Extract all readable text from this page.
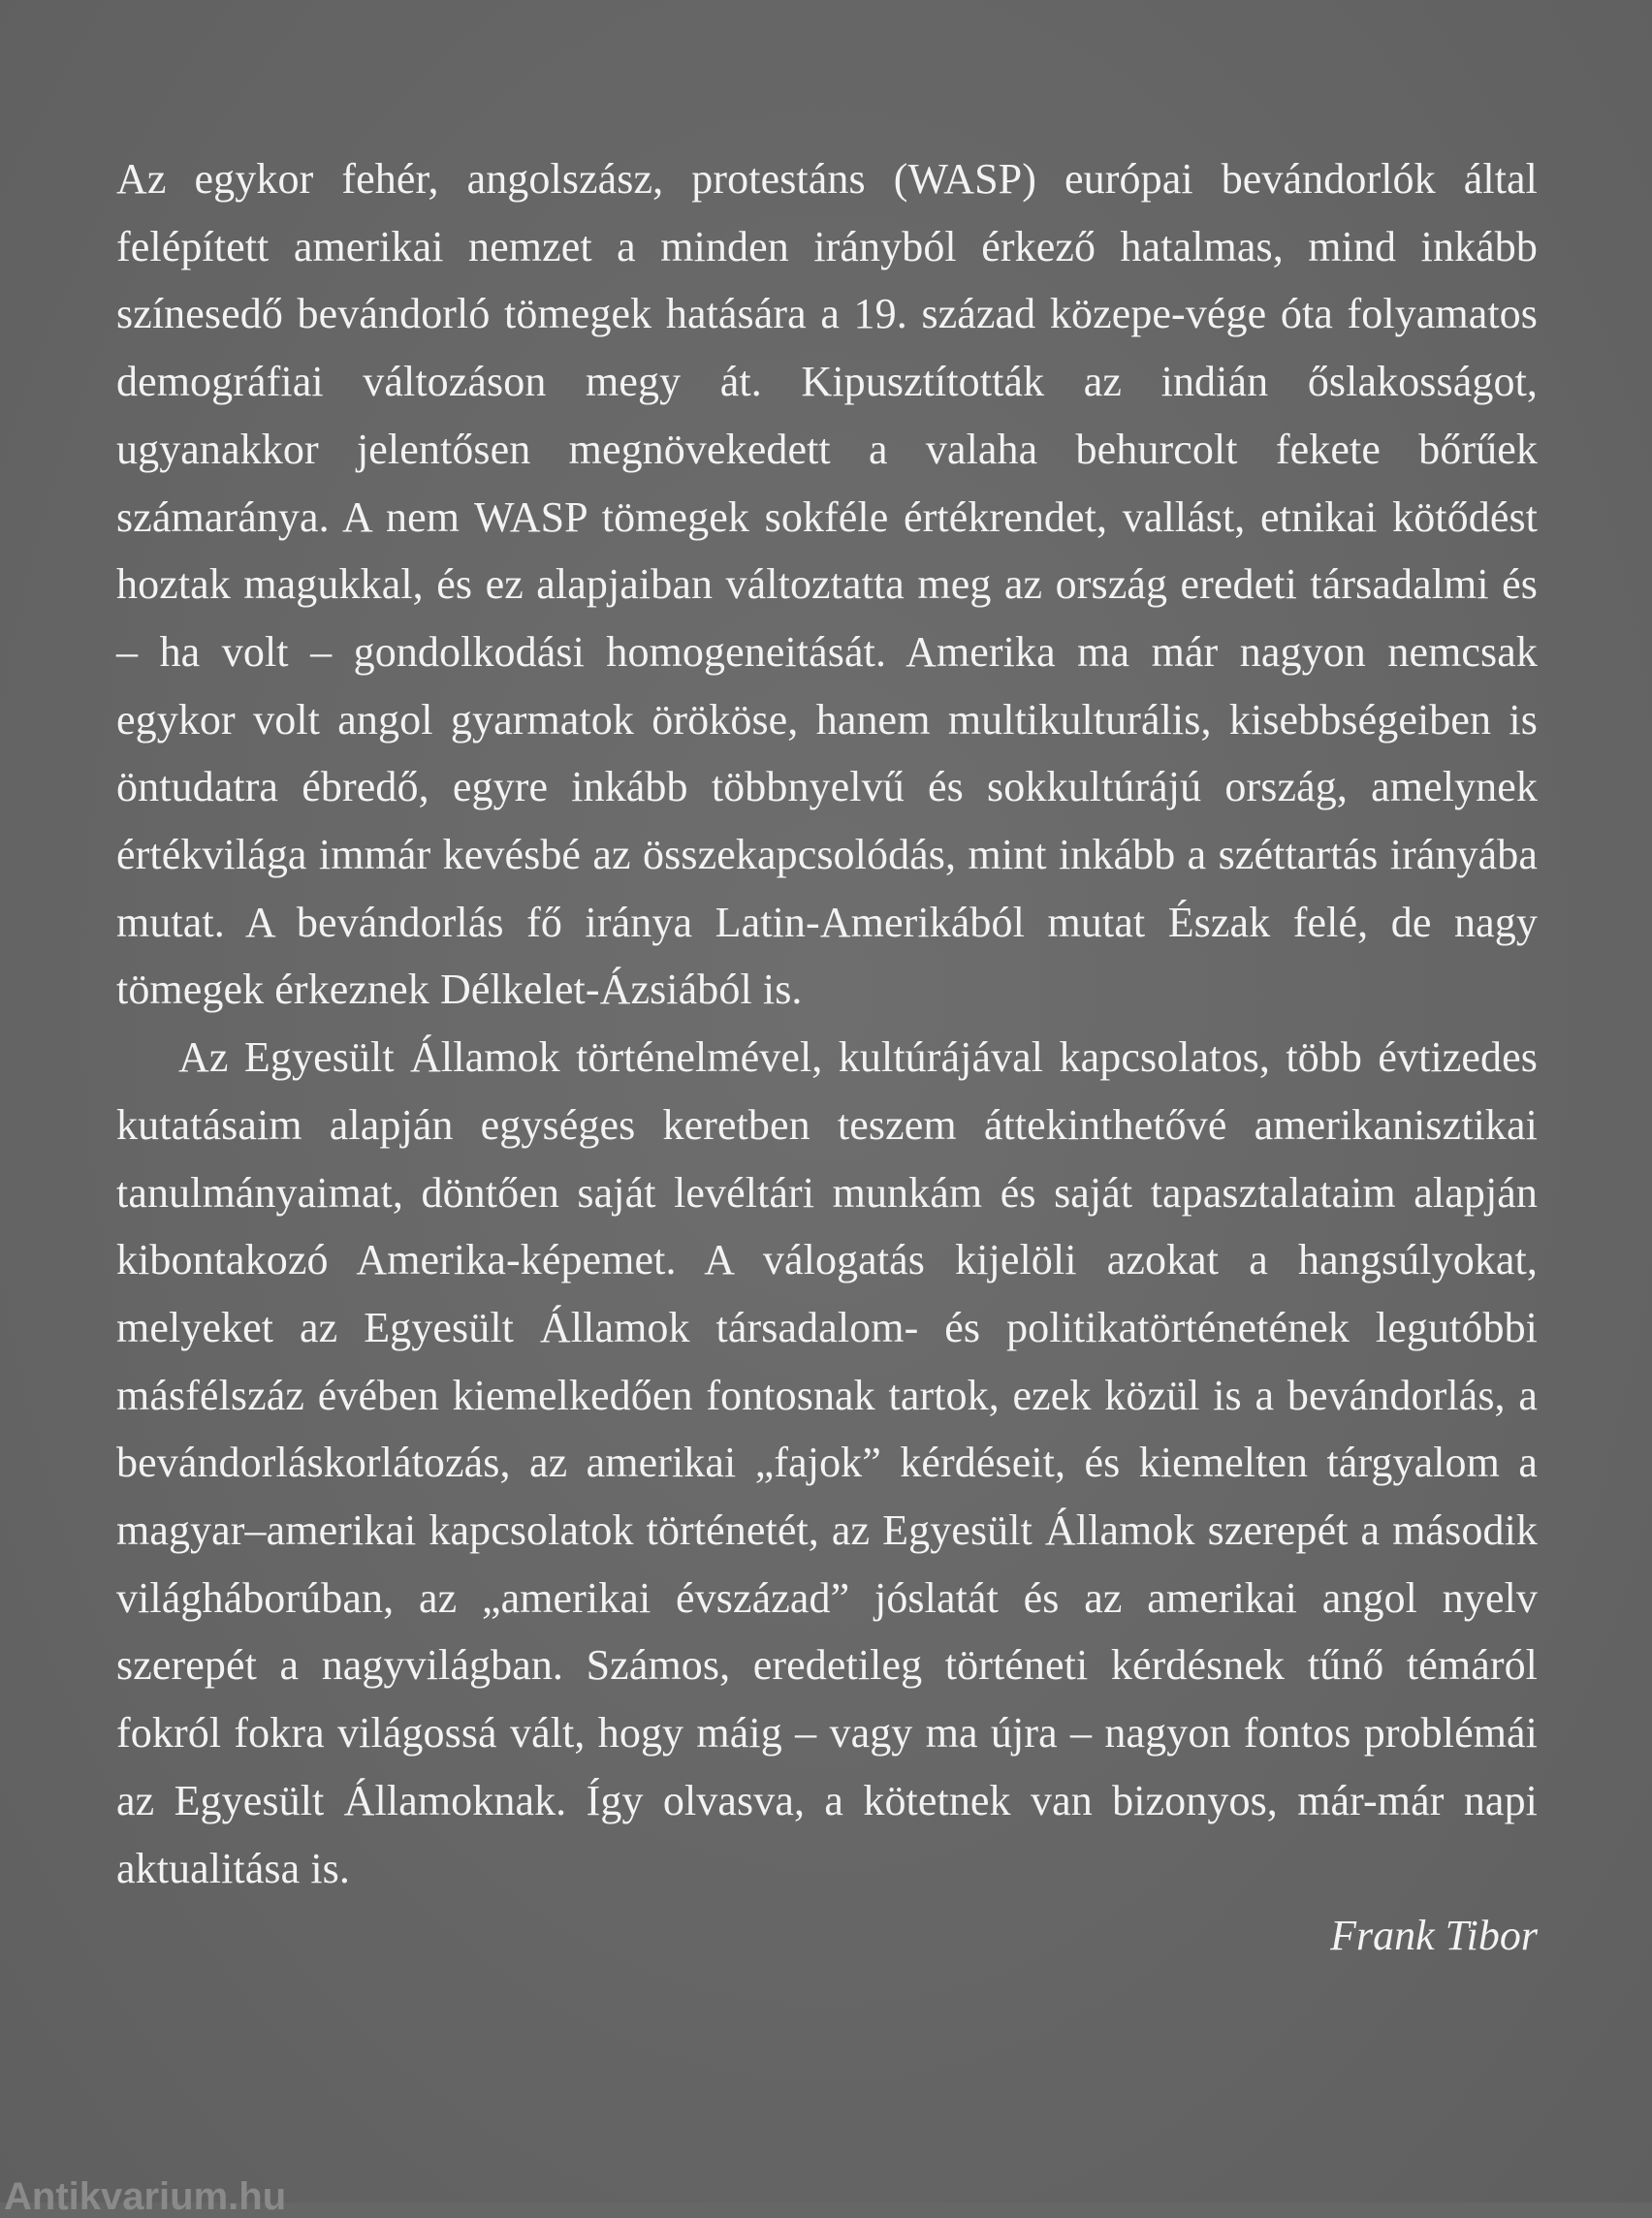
Az egykor fehér, angolszász, protestáns (WASP) európai bevándorlók által felépített amerikai nemzet a minden irányból érkező hatalmas, mind inkább színesedő bevándorló tömegek hatására a 19. század közepe-vége óta folyamatos demográfiai változáson megy át. Kipusztították az indián őslakosságot, ugyanakkor jelentősen megnövekedett a valaha behurcolt fekete bőrűek számaránya. A nem WASP tömegek sokféle értékrendet, vallást, etnikai kötődést hoztak magukkal, és ez alapjaiban változtatta meg az ország eredeti társadalmi és – ha volt – gondolkodási homogeneitását. Amerika ma már nagyon nemcsak egykor volt angol gyarmatok örököse, hanem multikulturális, kisebbségeiben is öntudatra ébredő, egyre inkább többnyelvű és sokkultúrájú ország, amelynek értékvilága immár kevésbé az összekapcsolódás, mint inkább a széttartás irányába mutat. A bevándorlás fő iránya Latin-Amerikából mutat Észak felé, de nagy tömegek érkeznek Délkelet-Ázsiából is.

Az Egyesült Államok történelmével, kultúrájával kapcsolatos, több évtizedes kutatásaim alapján egységes keretben teszem áttekinthetővé amerikanisztikai tanulmányaimat, döntően saját levéltári munkám és saját tapasztalataim alapján kibontakozó Amerika-képemet. A válogatás kijelöli azokat a hangsúlyokat, melyeket az Egyesült Államok társadalom- és politikatörténetének legutóbbi másfélszáz évében kiemelkedően fontosnak tartok, ezek közül is a bevándorlás, a bevándorláskorlátozás, az amerikai „fajok” kérdéseit, és kiemelten tárgyalom a magyar–amerikai kapcsolatok történetét, az Egyesült Államok szerepét a második világháborúban, az „amerikai évszázad” jóslatát és az amerikai angol nyelv szerepét a nagyvilágban. Számos, eredetileg történeti kérdésnek tűnő témáról fokról fokra világossá vált, hogy máig – vagy ma újra – nagyon fontos problémái az Egyesült Államoknak. Így olvasva, a kötetnek van bizonyos, már-már napi aktualitása is.

Frank Tibor

Antikvarium.hu
